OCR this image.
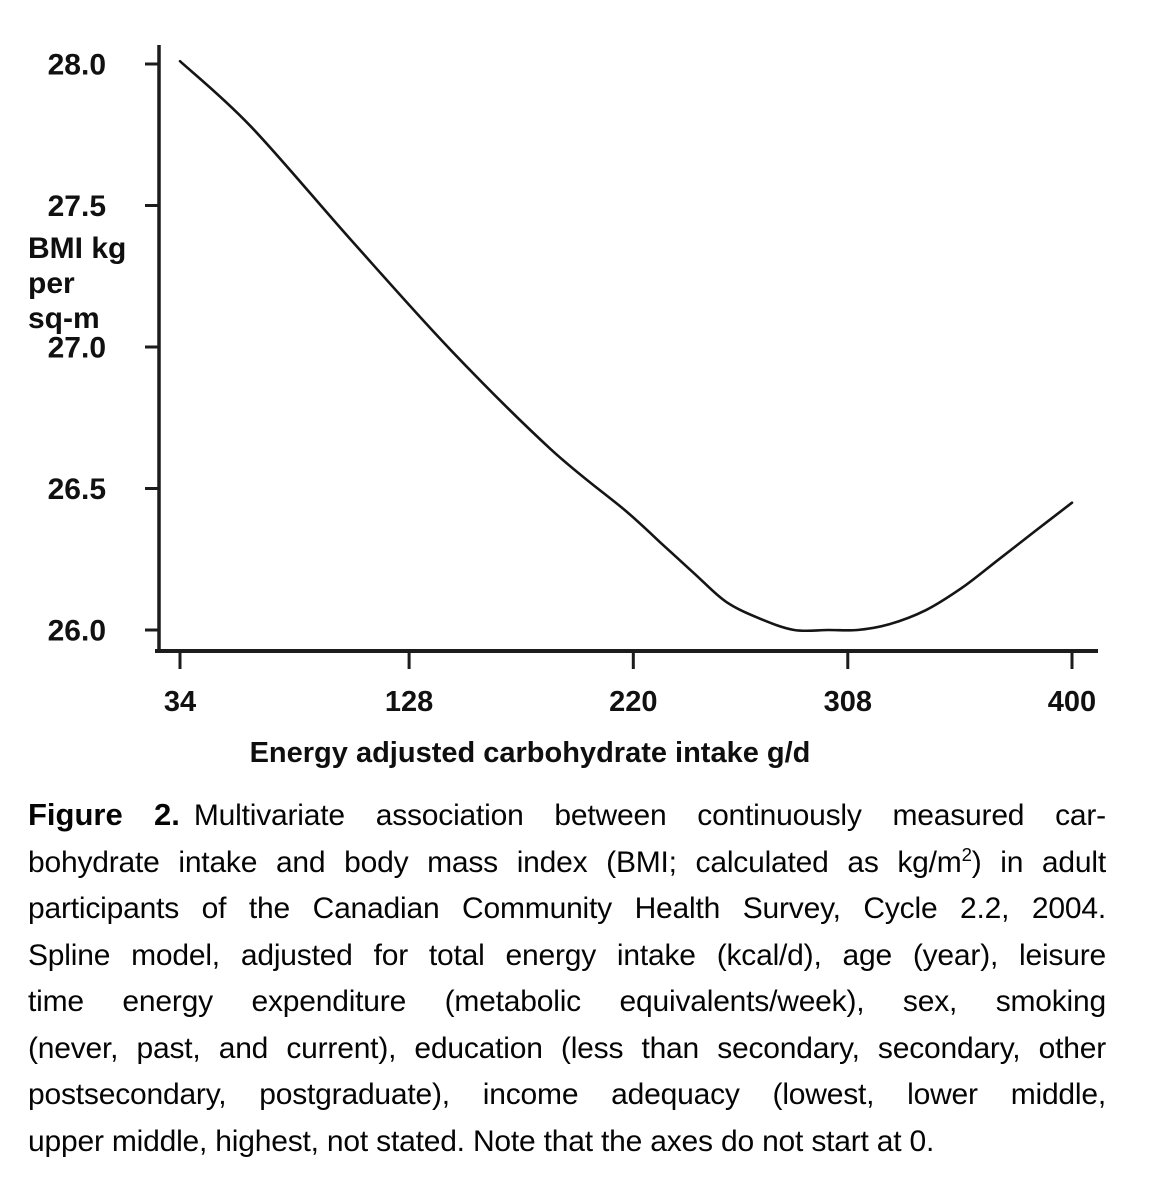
26.0
26.5
27.0
27.5
28.0
34	128	220	308	400
BMI kg
per
sq-m
Energy adjusted carbohydrate intake g/d
Figure 2. Multivariate association between continuously measured car-
bohydrate intake and body mass index (BMI; calculated as $kg/m^2$) in adult
participants of the Canadian Community Health Survey, Cycle 2.2, 2004.
Spline model, adjusted for total energy intake (kcal/d), age (year), leisure
time energy expenditure (metabolic equivalents/week), sex, smoking
(never, past, and current), education (less than secondary, secondary, other
postsecondary, postgraduate), income adequacy (lowest, lower middle,
upper middle, highest, not stated. Note that the axes do not start at 0.
